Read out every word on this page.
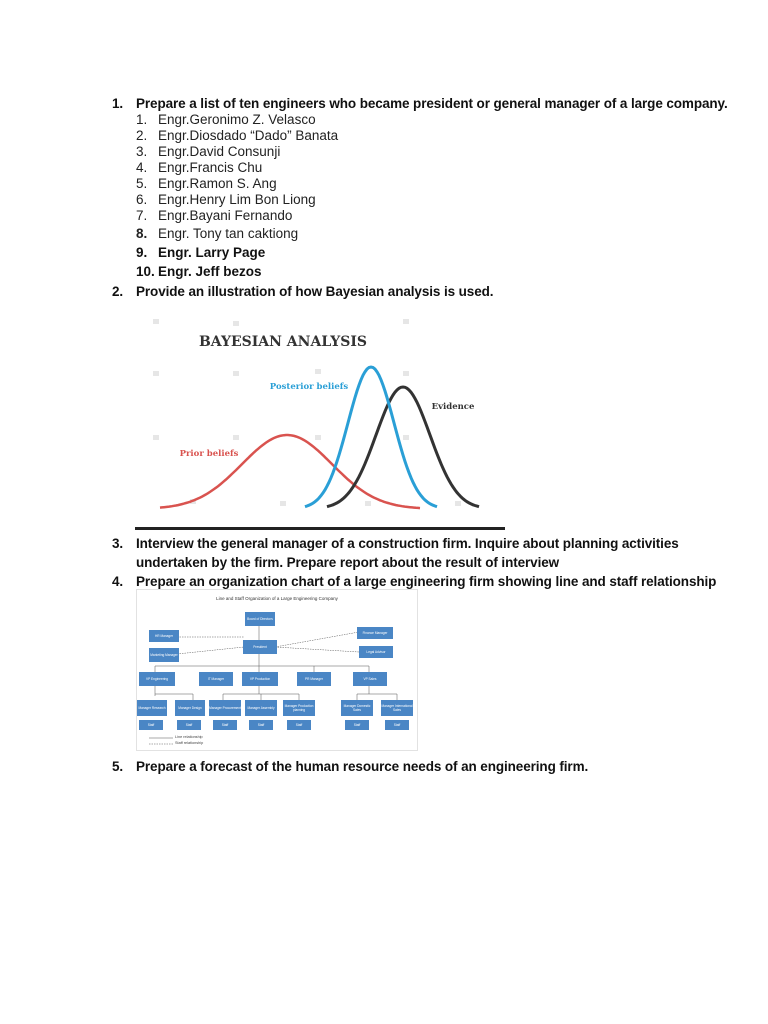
1. Prepare a list of ten engineers who became president or general manager of a large company.
1. Engr.Geronimo Z. Velasco
2. Engr.Diosdado “Dado” Banata
3. Engr.David Consunji
4. Engr.Francis Chu
5. Engr.Ramon S. Ang
6. Engr.Henry Lim Bon Liong
7. Engr.Bayani Fernando
8. Engr. Tony tan caktiong
9. Engr. Larry Page
10. Engr. Jeff bezos
2. Provide an illustration of how Bayesian analysis is used.
BAYESIAN ANALYSIS
Posterior beliefs
Evidence
Prior beliefs
3. Interview the general manager of a construction firm. Inquire about planning activities
undertaken by the firm. Prepare report about the result of interview
4. Prepare an organization chart of a large engineering firm showing line and staff relationship
Line and Staff Organization of a Large Engineering Company
Board of Directors
HR Manager
Finance Manager
Marketing Manager
President
Legal Advisor
VP Engineering	IT Manager	VP Production	PR Manager	VP Sales
Manager Research	Manager Design	Manager Procurement	Manager Assembly	Manager Production planning
Manager Domestic Sales
Manager International Sales
Staff	Staff	Staff	Staff	Staff	Staff	Staff
Line relationship
Staff relationship
5. Prepare a forecast of the human resource needs of an engineering firm.
